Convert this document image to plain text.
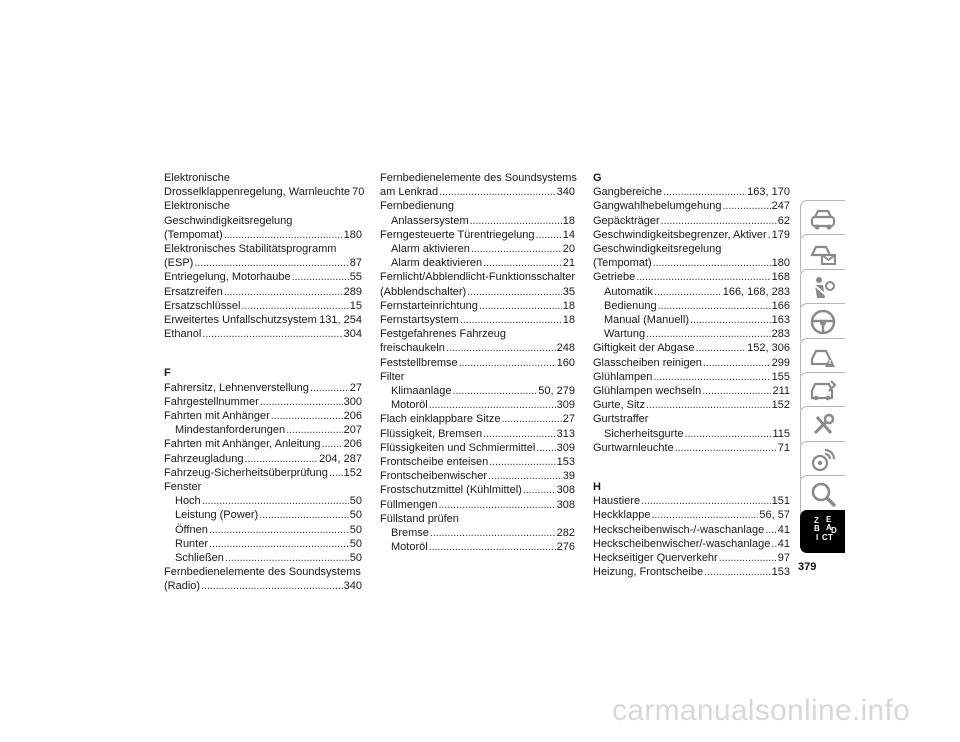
Elektronische
Drosselklappenregelung, Warnleuchte 70
Elektronische
Geschwindigkeitsregelung
(Tempomat) . . .	180
Elektronisches Stabilitätsprogramm
(ESP) . . .	87
Entriegelung, Motorhaube . . .	55
Ersatzreifen . . .	289
Ersatzschlüssel . . .	15
Erweitertes Unfallschutzsystem . . . 131, 254
Ethanol . . .	304
F
Fahrersitz, Lehnenverstellung . . .	27
Fahrgestellnummer . . .	300
Fahrten mit Anhänger . . .	206
Mindestanforderungen . . .	207
Fahrten mit Anhänger, Anleitung . . . 206
Fahrzeugladung . . .	204, 287
Fahrzeug-Sicherheitsüberprüfung . . . 152
Fenster
Hoch . . .	50
Leistung (Power) . . .	50
Öffnen . . .	50
Runter . . .	50
Schließen . . .	50
Fernbedienelemente des Soundsystems
(Radio) . . .	340
Fernbedienelemente des Soundsystems
am Lenkrad . . .	340
Fernbedienung
Anlassersystem . . .	18
Ferngesteuerte Türentriegelung . . .	14
Alarm aktivieren . . .	20
Alarm deaktivieren . . .	21
Fernlicht/Abblendlicht-Funktionsschalter
(Abblendschalter) . . .	35
Fernstarteinrichtung . . .	18
Fernstartsystem . . .	18
Festgefahrenes Fahrzeug
freischaukeln . . .	248
Feststellbremse . . .	160
Filter
Klimaanlage . . .	50, 279
Motoröl . . .	309
Flach einklappbare Sitze . . .	27
Flüssigkeit, Bremsen . . .	313
Flüssigkeiten und Schmiermittel . . . 309
Frontscheibe enteisen . . .	153
Frontscheibenwischer . . .	39
Frostschutzmittel (Kühlmittel) . . .	308
Füllmengen . . .	308
Füllstand prüfen
Bremse . . .	282
Motoröl . . .	276
G
Gangbereiche . . .	163, 170
Gangwahlhebelumgehung . . .	247
Gepäckträger . . .	62
Geschwindigkeitsbegrenzer, Aktiver . . . 179
Geschwindigkeitsregelung
(Tempomat) . . .	180
Getriebe . . .	168
Automatik . . .	166, 168, 283
Bedienung . . .	166
Manual (Manuell) . . .	163
Wartung . . .	283
Giftigkeit der Abgase . . .	152, 306
Glasscheiben reinigen . . .	299
Glühlampen . . .	155
Glühlampen wechseln . . .	211
Gurte, Sitz . . .	152
Gurtstraffer
Sicherheitsgurte . . .	115
Gurtwarnleuchte . . .	71
H
Haustiere . . .	151
Heckklappe . . .	56, 57
Heckscheibenwisch-/-waschanlage . . . 41
Heckscheibenwischer/-waschanlage . . . 41
Heckseitiger Querverkehr . . .	97
Heizung, Frontscheibe . . .	153
Z
B
E
A
I C T
D
379
carmanualsonline.info
